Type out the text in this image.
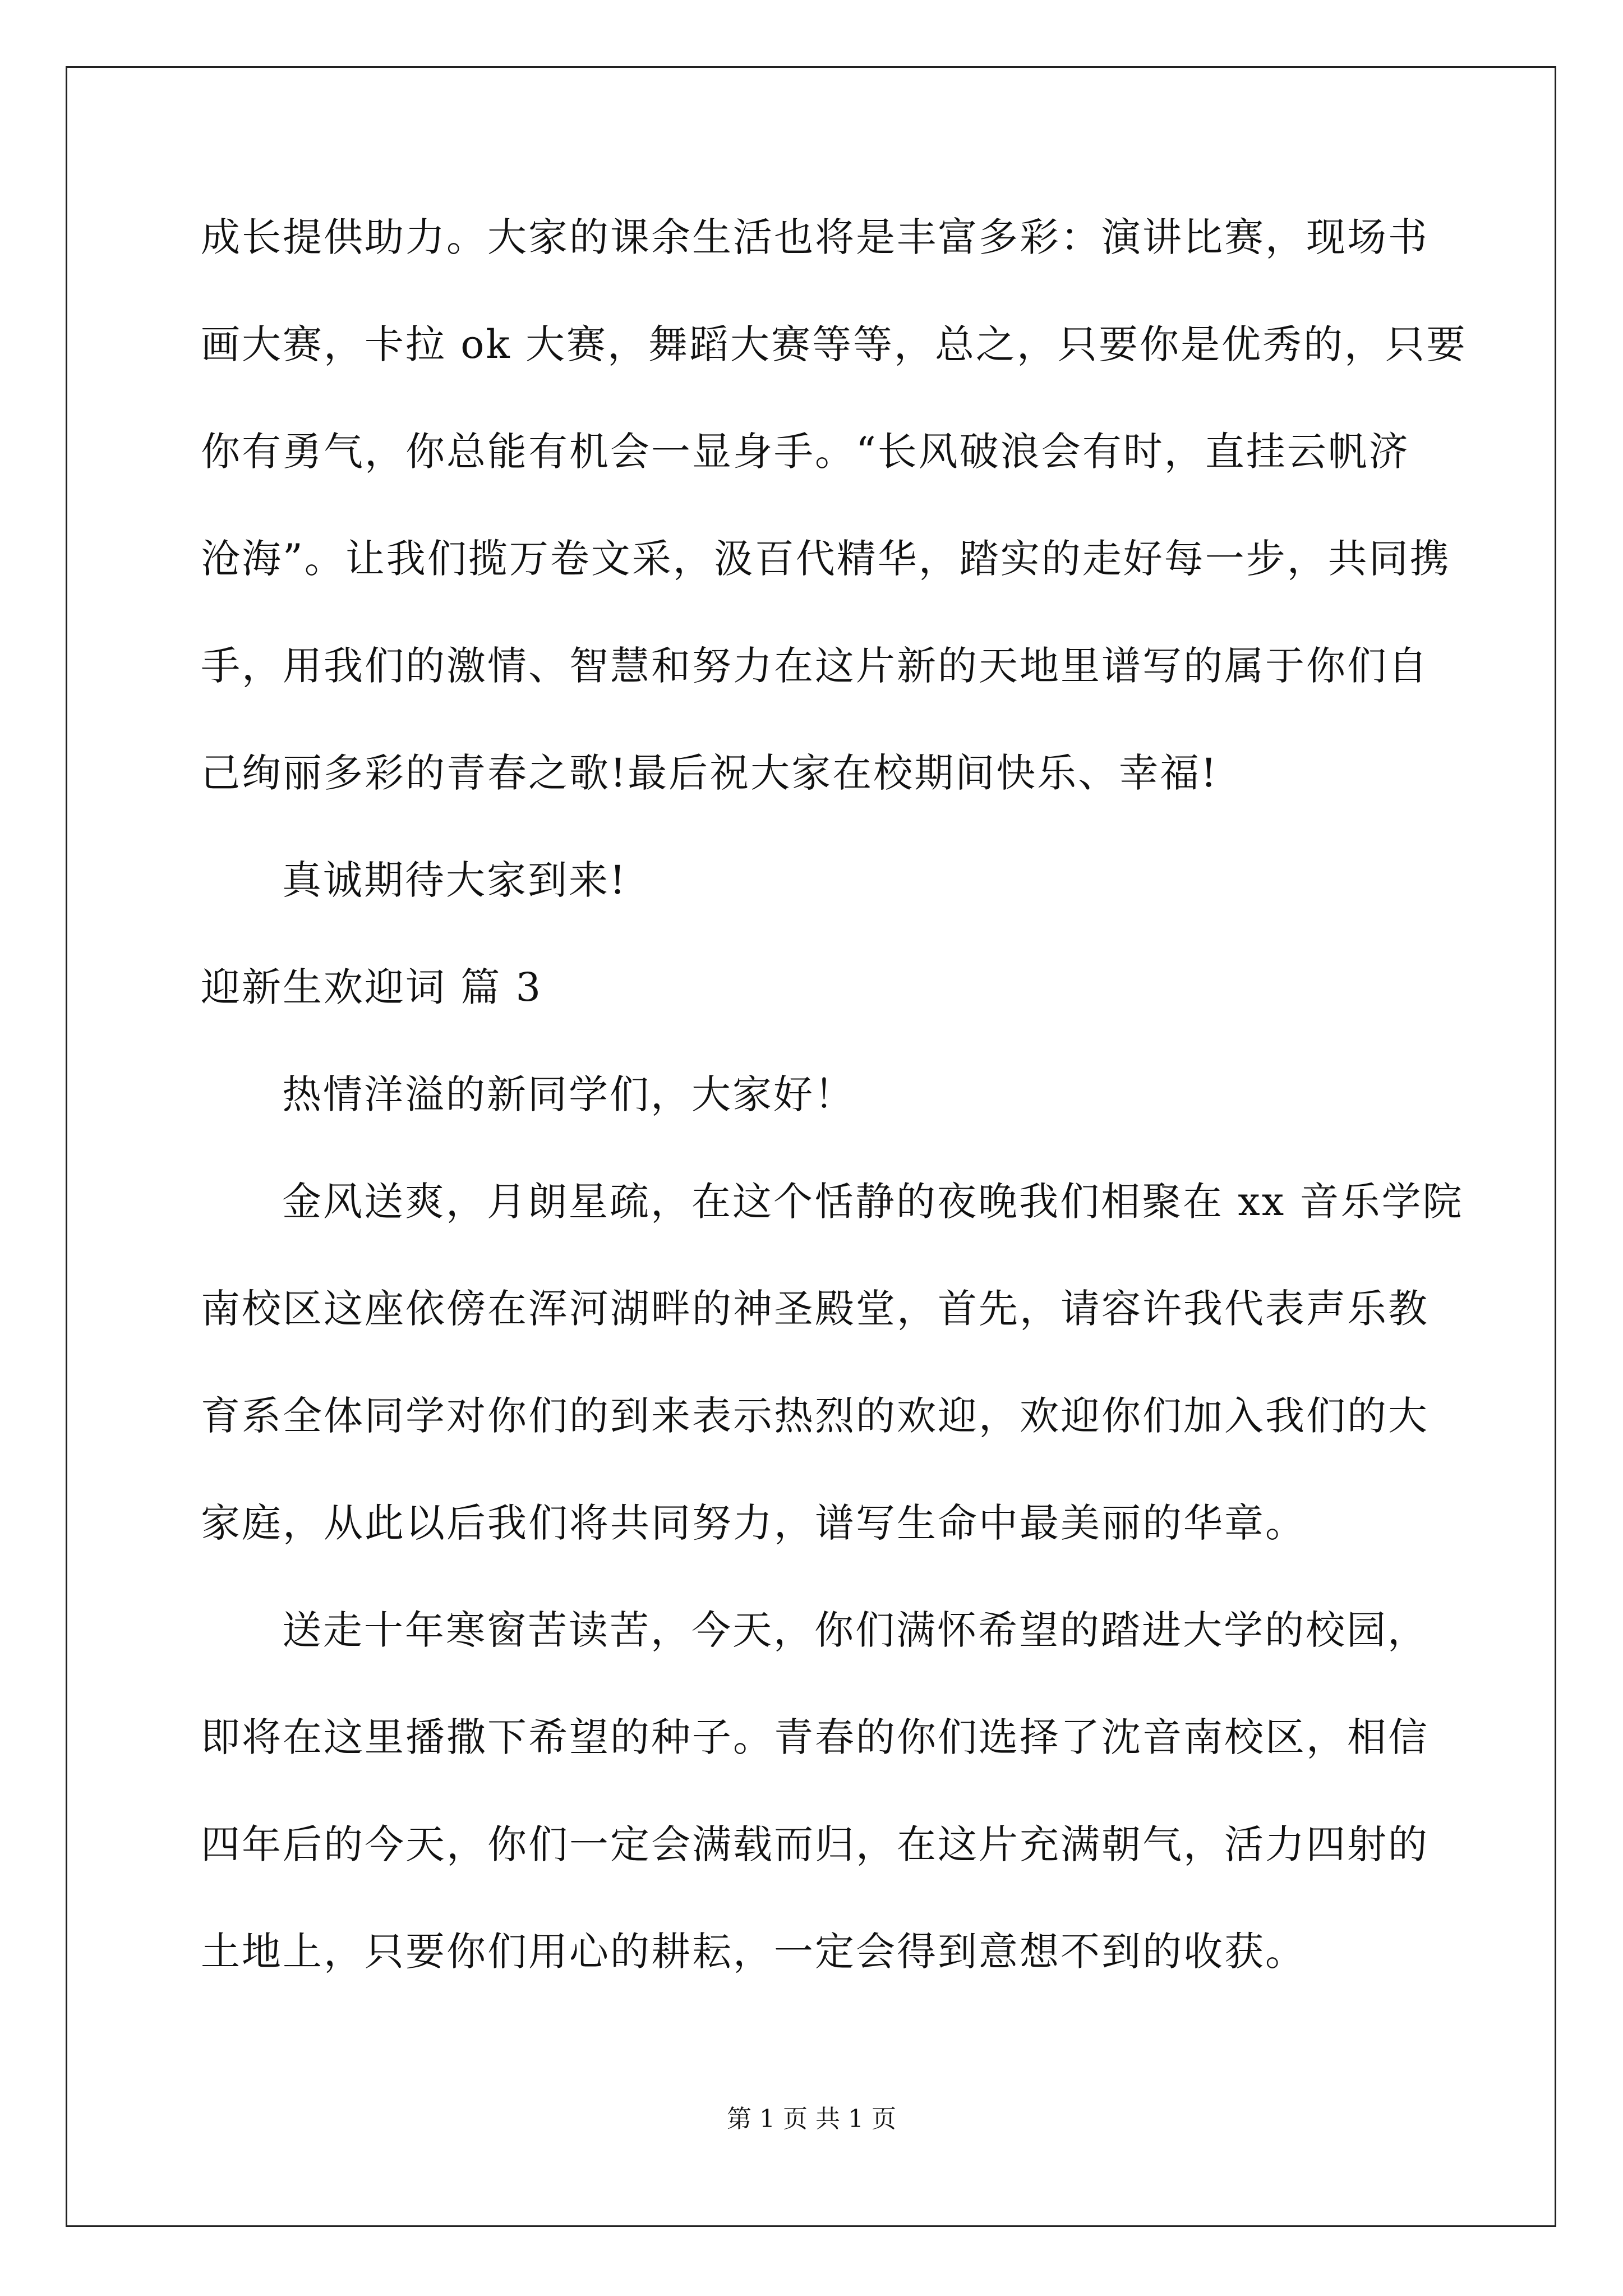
成长提供助力。大家的课余生活也将是丰富多彩：演讲比赛，现场书
画大赛，卡拉 ok 大赛，舞蹈大赛等等，总之，只要你是优秀的，只要
你有勇气，你总能有机会一显身手。“长风破浪会有时，直挂云帆济
沧海”。让我们揽万卷文采，汲百代精华，踏实的走好每一步，共同携
手，用我们的激情、智慧和努力在这片新的天地里谱写的属于你们自
己绚丽多彩的青春之歌!最后祝大家在校期间快乐、幸福!
真诚期待大家到来!
迎新生欢迎词 篇 3
热情洋溢的新同学们，大家好！
金风送爽，月朗星疏，在这个恬静的夜晚我们相聚在 xx 音乐学院
南校区这座依傍在浑河湖畔的神圣殿堂，首先，请容许我代表声乐教
育系全体同学对你们的到来表示热烈的欢迎，欢迎你们加入我们的大
家庭，从此以后我们将共同努力，谱写生命中最美丽的华章。
送走十年寒窗苦读苦，今天，你们满怀希望的踏进大学的校园，
即将在这里播撒下希望的种子。青春的你们选择了沈音南校区，相信
四年后的今天，你们一定会满载而归，在这片充满朝气，活力四射的
土地上，只要你们用心的耕耘，一定会得到意想不到的收获。
第 1 页 共 1 页
